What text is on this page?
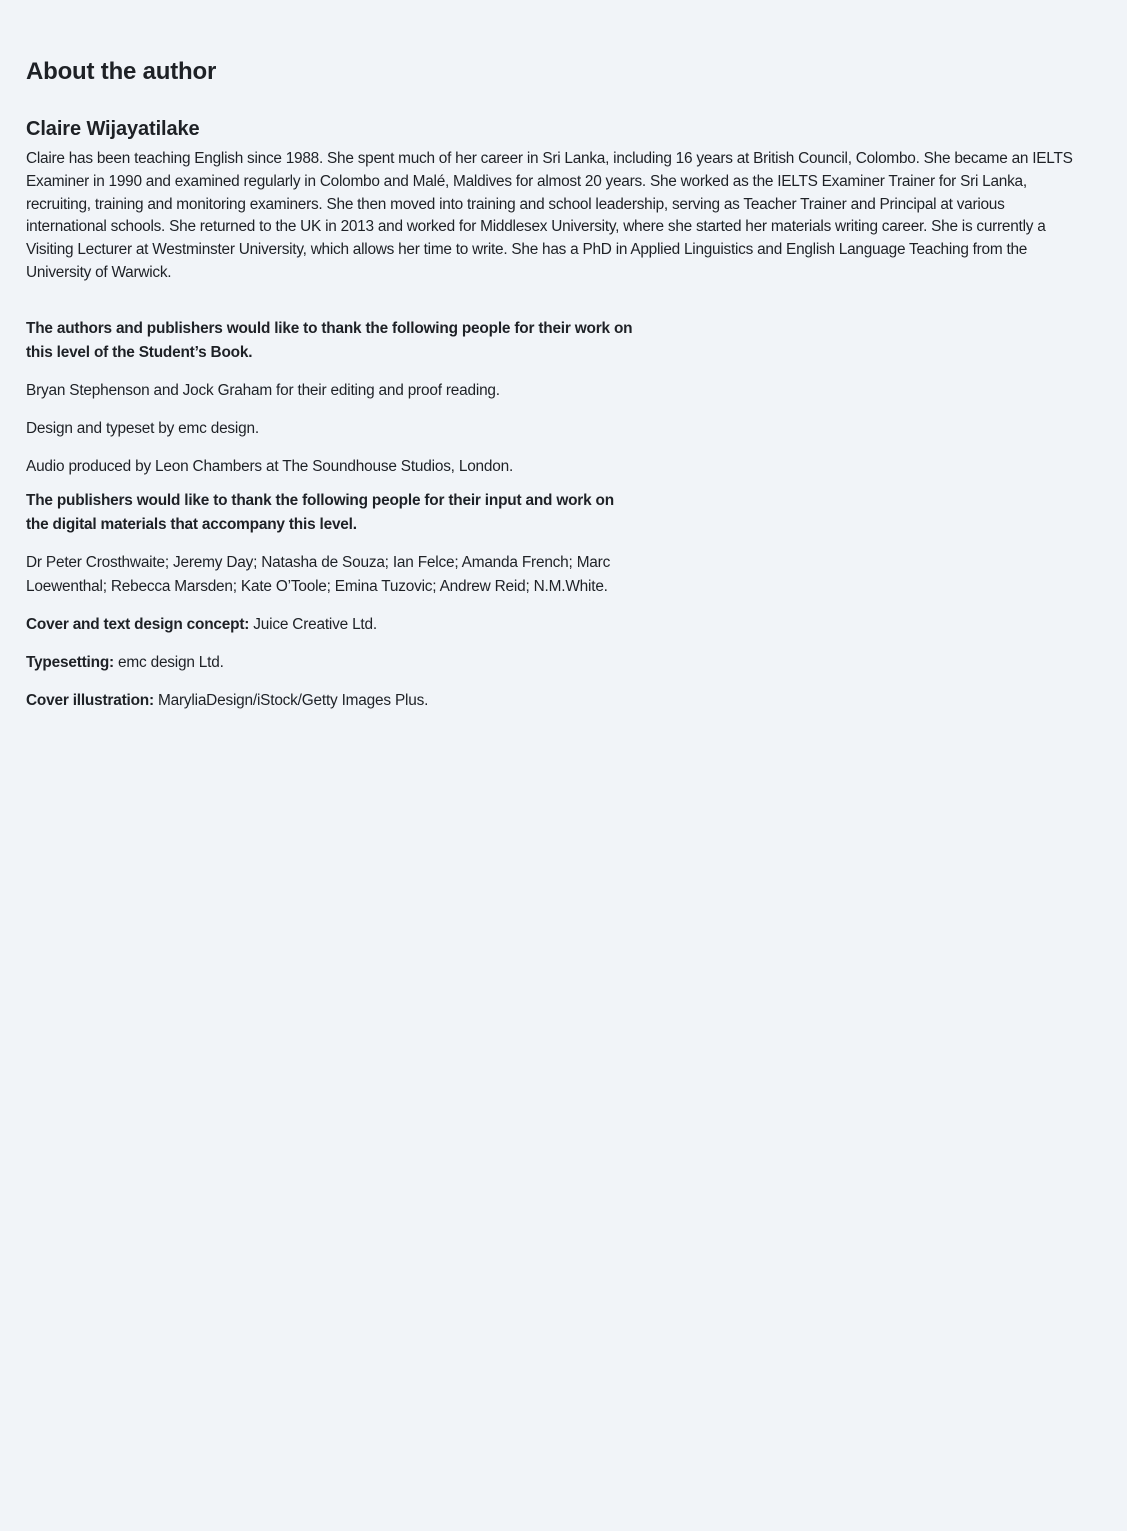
About the author
Claire Wijayatilake

Claire has been teaching English since 1988. She spent much of her career in Sri Lanka, including 16 years at British Council, Colombo. She became an IELTS Examiner in 1990 and examined regularly in Colombo and Malé, Maldives for almost 20 years. She worked as the IELTS Examiner Trainer for Sri Lanka, recruiting, training and monitoring examiners. She then moved into training and school leadership, serving as Teacher Trainer and Principal at various international schools. She returned to the UK in 2013 and worked for Middlesex University, where she started her materials writing career. She is currently a Visiting Lecturer at Westminster University, which allows her time to write. She has a PhD in Applied Linguistics and English Language Teaching from the University of Warwick.

The authors and publishers would like to thank the following people for their work on this level of the Student’s Book.

Bryan Stephenson and Jock Graham for their editing and proof reading.

Design and typeset by emc design.

Audio produced by Leon Chambers at The Soundhouse Studios, London.

The publishers would like to thank the following people for their input and work on the digital materials that accompany this level.

Dr Peter Crosthwaite; Jeremy Day; Natasha de Souza; Ian Felce; Amanda French; Marc Loewenthal; Rebecca Marsden; Kate O’Toole; Emina Tuzovic; Andrew Reid; N.M.White.

Cover and text design concept: Juice Creative Ltd.

Typesetting: emc design Ltd.

Cover illustration: MaryliaDesign/iStock/Getty Images Plus.
